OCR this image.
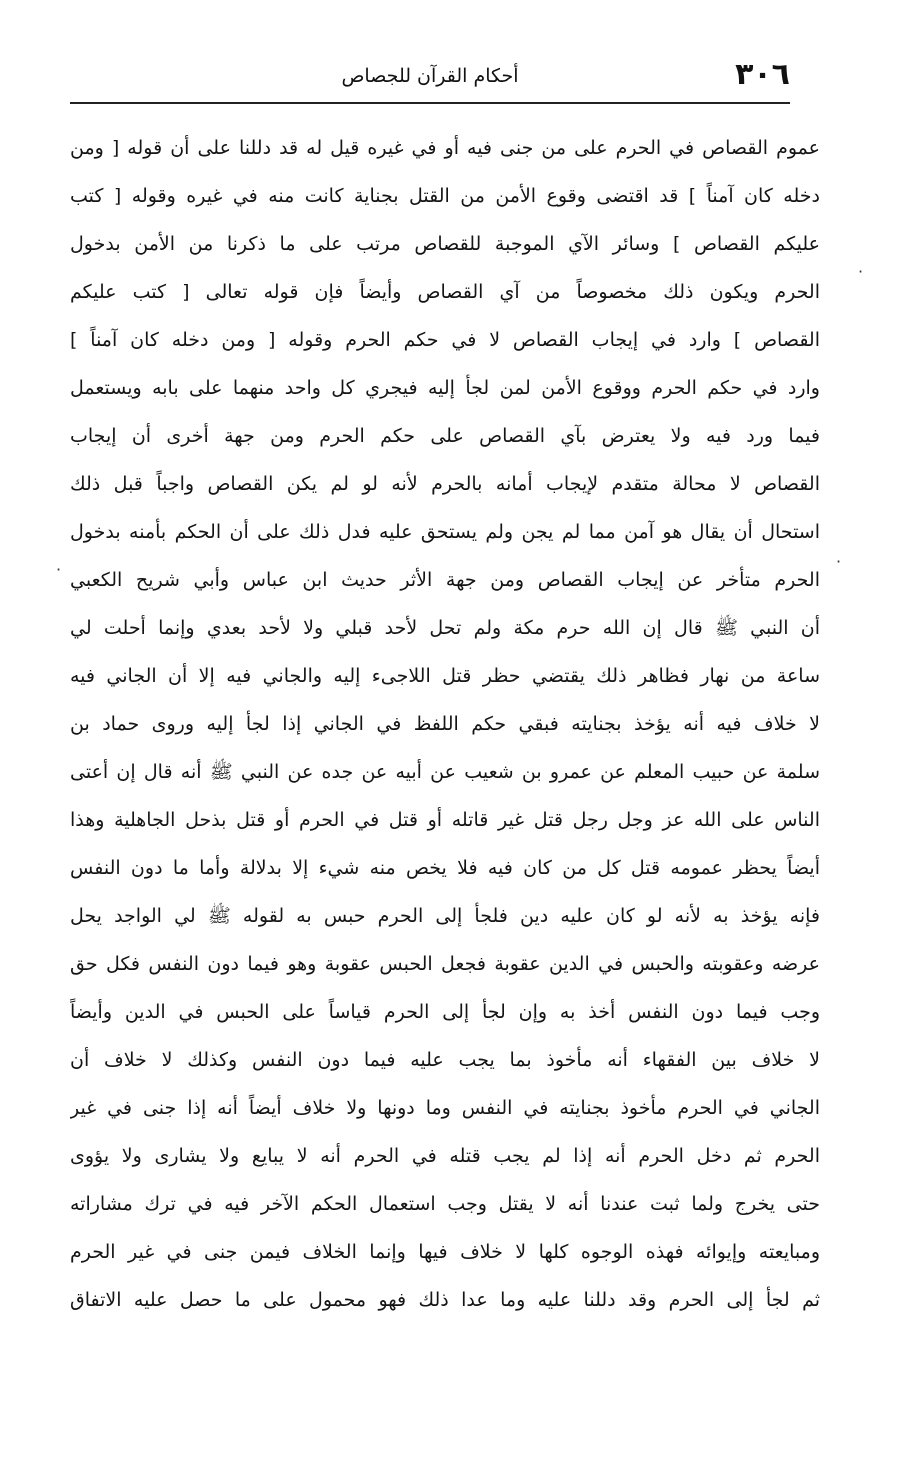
٣٠٦
أحكام القرآن للجصاص
عموم القصاص في الحرم على من جنى فيه أو في غيره قيل له قد دللنا على أن قوله [ ومن
دخله كان آمناً ] قد اقتضى وقوع الأمن من القتل بجناية كانت منه في غيره وقوله [ كتب
عليكم القصاص ] وسائر الآي الموجبة للقصاص مرتب على ما ذكرنا من الأمن بدخول
الحرم ويكون ذلك مخصوصاً من آي القصاص وأيضاً فإن قوله تعالى [ كتب عليكم
القصاص ] وارد في إيجاب القصاص لا في حكم الحرم وقوله [ ومن دخله كان آمناً ]
وارد في حكم الحرم ووقوع الأمن لمن لجأ إليه فيجري كل واحد منهما على بابه ويستعمل
فيما ورد فيه ولا يعترض بآي القصاص على حكم الحرم ومن جهة أخرى أن إيجاب
القصاص لا محالة متقدم لإيجاب أمانه بالحرم لأنه لو لم يكن القصاص واجباً قبل ذلك
استحال أن يقال هو آمن مما لم يجن ولم يستحق عليه فدل ذلك على أن الحكم بأمنه بدخول
الحرم متأخر عن إيجاب القصاص ومن جهة الأثر حديث ابن عباس وأبي شريح الكعبي
أن النبي ﷺ قال إن الله حرم مكة ولم تحل لأحد قبلي ولا لأحد بعدي وإنما أحلت لي
ساعة من نهار فظاهر ذلك يقتضي حظر قتل اللاجىء إليه والجاني فيه إلا أن الجاني فيه
لا خلاف فيه أنه يؤخذ بجنايته فبقي حكم اللفظ في الجاني إذا لجأ إليه وروى حماد بن
سلمة عن حبيب المعلم عن عمرو بن شعيب عن أبيه عن جده عن النبي ﷺ أنه قال إن أعتى
الناس على الله عز وجل رجل قتل غير قاتله أو قتل في الحرم أو قتل بذحل الجاهلية وهذا
أيضاً يحظر عمومه قتل كل من كان فيه فلا يخص منه شيء إلا بدلالة وأما ما دون النفس
فإنه يؤخذ به لأنه لو كان عليه دين فلجأ إلى الحرم حبس به لقوله ﷺ لي الواجد يحل
عرضه وعقوبته والحبس في الدين عقوبة فجعل الحبس عقوبة وهو فيما دون النفس فكل حق
وجب فيما دون النفس أخذ به وإن لجأ إلى الحرم قياساً على الحبس في الدين وأيضاً
لا خلاف بين الفقهاء أنه مأخوذ بما يجب عليه فيما دون النفس وكذلك لا خلاف أن
الجاني في الحرم مأخوذ بجنايته في النفس وما دونها ولا خلاف أيضاً أنه إذا جنى في غير
الحرم ثم دخل الحرم أنه إذا لم يجب قتله في الحرم أنه لا يبايع ولا يشارى ولا يؤوى
حتى يخرج ولما ثبت عندنا أنه لا يقتل وجب استعمال الحكم الآخر فيه في ترك مشاراته
ومبايعته وإيوائه فهذه الوجوه كلها لا خلاف فيها وإنما الخلاف فيمن جنى في غير الحرم
ثم لجأ إلى الحرم وقد دللنا عليه وما عدا ذلك فهو محمول على ما حصل عليه الاتفاق
·
·
·
